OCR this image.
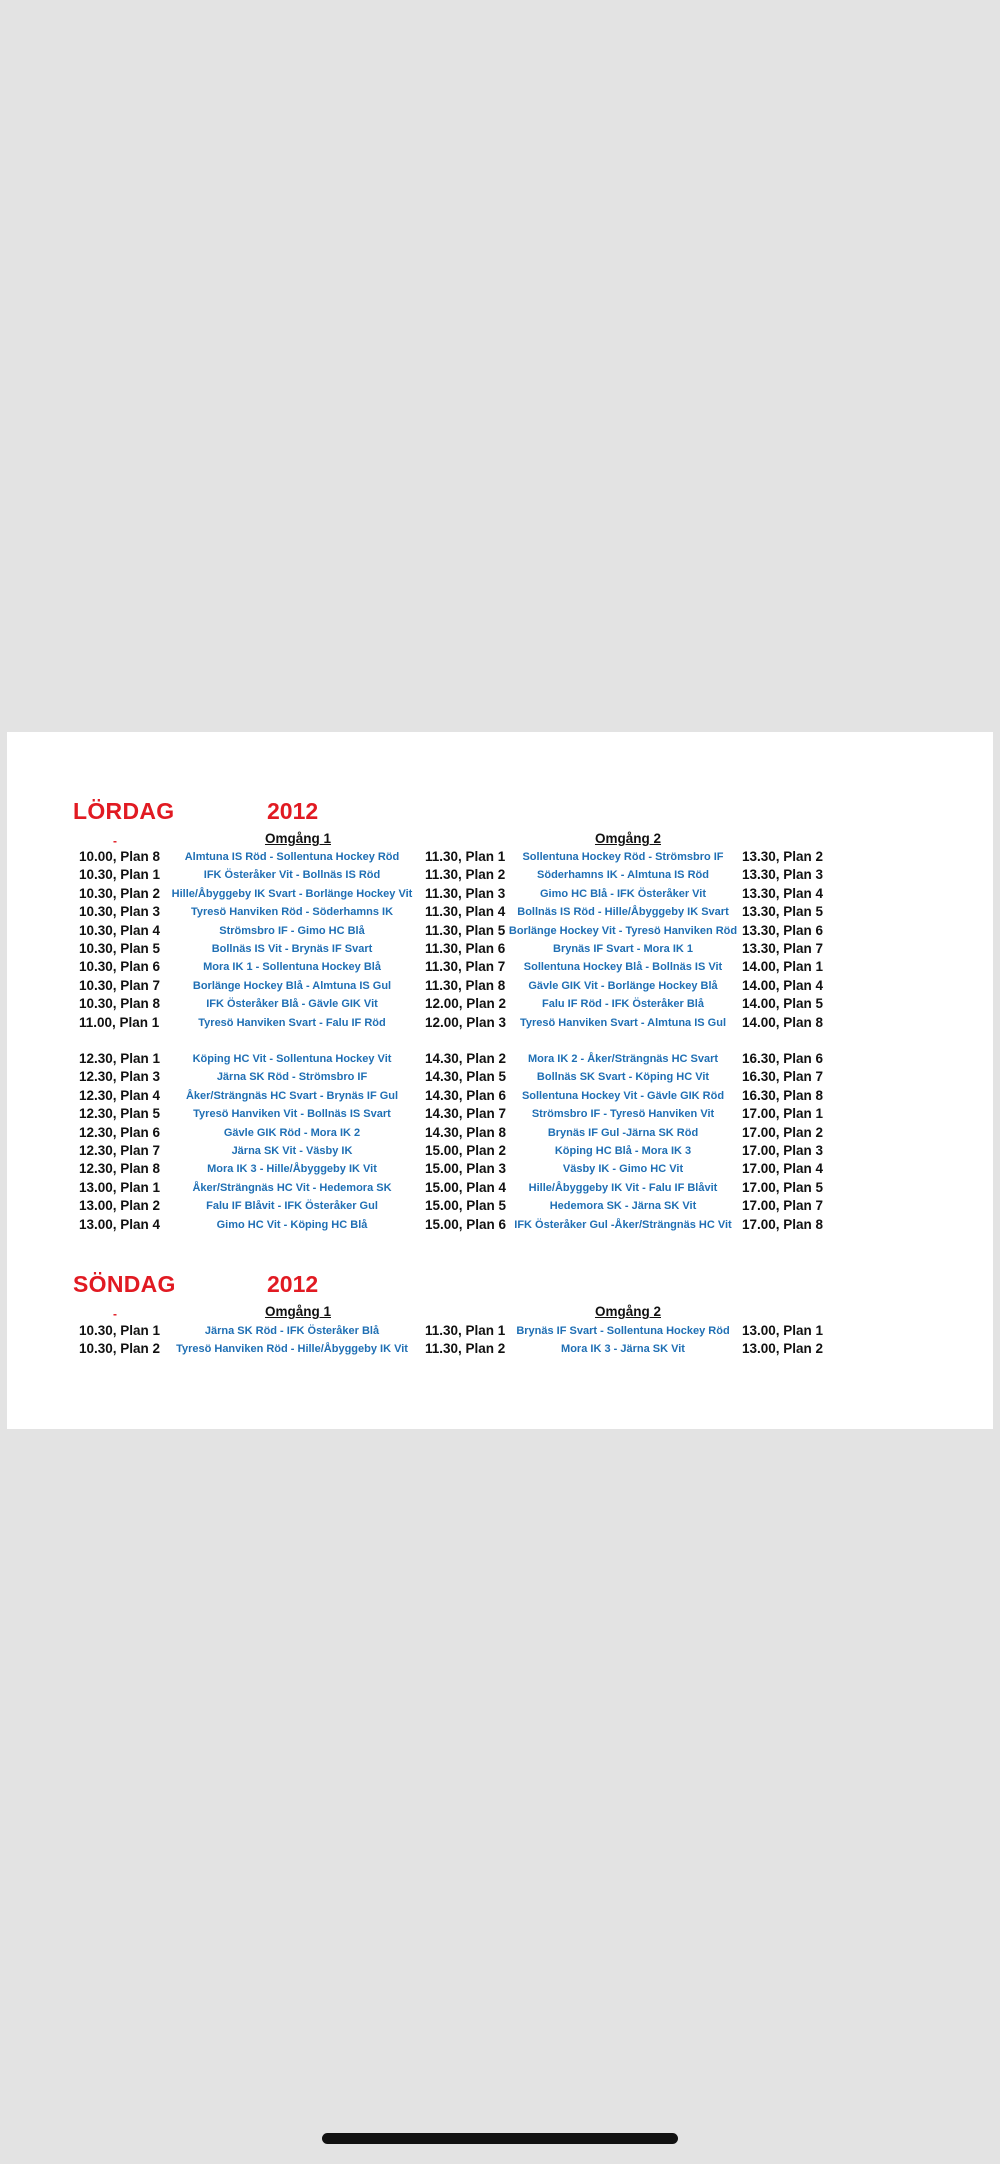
LÖRDAG	2012
-	Omgång 1	Omgång 2
10.00, Plan 8	Almtuna IS Röd - Sollentuna Hockey Röd	11.30, Plan 1	Sollentuna Hockey Röd - Strömsbro IF	13.30, Plan 2
10.30, Plan 1	IFK Österåker Vit - Bollnäs IS Röd	11.30, Plan 2	Söderhamns IK - Almtuna IS Röd	13.30, Plan 3
10.30, Plan 2	Hille/Åbyggeby IK Svart - Borlänge Hockey Vit 11.30, Plan 3	Gimo HC Blå - IFK Österåker Vit	13.30, Plan 4
10.30, Plan 3	Tyresö Hanviken Röd - Söderhamns IK	11.30, Plan 4	Bollnäs IS Röd - Hille/Åbyggeby IK Svart 13.30, Plan 5
10.30, Plan 4	Strömsbro IF - Gimo HC Blå	11.30, Plan 5 Borlänge Hockey Vit - Tyresö Hanviken Röd 13.30, Plan 6
10.30, Plan 5	Bollnäs IS Vit - Brynäs IF Svart	11.30, Plan 6	Brynäs IF Svart - Mora IK 1	13.30, Plan 7
10.30, Plan 6	Mora IK 1 - Sollentuna Hockey Blå	11.30, Plan 7	Sollentuna Hockey Blå - Bollnäs IS Vit	14.00, Plan 1
10.30, Plan 7	Borlänge Hockey Blå - Almtuna IS Gul	11.30, Plan 8	Gävle GIK Vit - Borlänge Hockey Blå	14.00, Plan 4
10.30, Plan 8	IFK Österåker Blå - Gävle GIK Vit	12.00, Plan 2	Falu IF Röd - IFK Österåker Blå	14.00, Plan 5
11.00, Plan 1	Tyresö Hanviken Svart - Falu IF Röd	12.00, Plan 3	Tyresö Hanviken Svart - Almtuna IS Gul	14.00, Plan 8
12.30, Plan 1	Köping HC Vit - Sollentuna Hockey Vit	14.30, Plan 2	Mora IK 2 - Åker/Strängnäs HC Svart	16.30, Plan 6
12.30, Plan 3	Järna SK Röd - Strömsbro IF	14.30, Plan 5	Bollnäs SK Svart - Köping HC Vit	16.30, Plan 7
12.30, Plan 4	Åker/Strängnäs HC Svart - Brynäs IF Gul	14.30, Plan 6	Sollentuna Hockey Vit - Gävle GIK Röd	16.30, Plan 8
12.30, Plan 5	Tyresö Hanviken Vit - Bollnäs IS Svart	14.30, Plan 7	Strömsbro IF - Tyresö Hanviken Vit	17.00, Plan 1
12.30, Plan 6	Gävle GIK Röd - Mora IK 2	14.30, Plan 8	Brynäs IF Gul -Järna SK Röd	17.00, Plan 2
12.30, Plan 7	Järna SK Vit - Väsby IK	15.00, Plan 2	Köping HC Blå - Mora IK 3	17.00, Plan 3
12.30, Plan 8	Mora IK 3 - Hille/Åbyggeby IK Vit	15.00, Plan 3	Väsby IK - Gimo HC Vit	17.00, Plan 4
13.00, Plan 1	Åker/Strängnäs HC Vit - Hedemora SK	15.00, Plan 4	Hille/Åbyggeby IK Vit - Falu IF Blåvit	17.00, Plan 5
13.00, Plan 2	Falu IF Blåvit - IFK Österåker Gul	15.00, Plan 5	Hedemora SK - Järna SK Vit	17.00, Plan 7
13.00, Plan 4	Gimo HC Vit - Köping HC Blå	15.00, Plan 6 IFK Österåker Gul -Åker/Strängnäs HC Vit 17.00, Plan 8
SÖNDAG	2012
-	Omgång 1	Omgång 2
10.30, Plan 1	Järna SK Röd - IFK Österåker Blå	11.30, Plan 1	Brynäs IF Svart - Sollentuna Hockey Röd 13.00, Plan 1
10.30, Plan 2	Tyresö Hanviken Röd - Hille/Åbyggeby IK Vit	11.30, Plan 2	Mora IK 3 - Järna SK Vit	13.00, Plan 2
